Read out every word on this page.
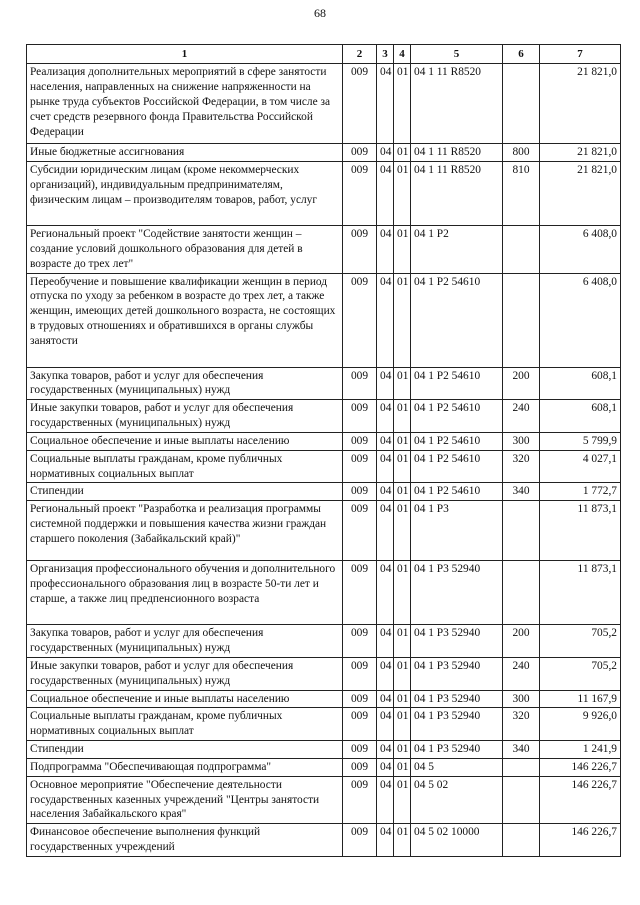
68
1	2	3	4	5	6	7
Реализация дополнительных мероприятий в сфере занятости населения, направленных на снижение напряженности на рынке труда субъектов Российской Федерации, в том числе за счет средств резервного фонда Правительства Российской Федерации	009	04	01	04 1 11 R8520		21 821,0
Иные бюджетные ассигнования	009	04	01	04 1 11 R8520	800	21 821,0
Субсидии юридическим лицам (кроме некоммерческих организаций), индивидуальным предпринимателям, физическим лицам – производителям товаров, работ, услуг	009	04	01	04 1 11 R8520	810	21 821,0
Региональный проект "Содействие занятости женщин – создание условий дошкольного образования для детей в возрасте до трех лет"	009	04	01	04 1 P2		6 408,0
Переобучение и повышение квалификации женщин в период отпуска по уходу за ребенком в возрасте до трех лет, а также женщин, имеющих детей дошкольного возраста, не состоящих в трудовых отношениях и обратившихся в органы службы занятости	009	04	01	04 1 P2 54610		6 408,0
Закупка товаров, работ и услуг для обеспечения государственных (муниципальных) нужд	009	04	01	04 1 P2 54610	200	608,1
Иные закупки товаров, работ и услуг для обеспечения государственных (муниципальных) нужд	009	04	01	04 1 P2 54610	240	608,1
Социальное обеспечение и иные выплаты населению	009	04	01	04 1 P2 54610	300	5 799,9
Социальные выплаты гражданам, кроме публичных нормативных социальных выплат	009	04	01	04 1 P2 54610	320	4 027,1
Стипендии	009	04	01	04 1 P2 54610	340	1 772,7
Региональный проект "Разработка и реализация программы системной поддержки и повышения качества жизни граждан старшего поколения (Забайкальский край)"	009	04	01	04 1 P3		11 873,1
Организация профессионального обучения и дополнительного профессионального образования лиц в возрасте 50-ти лет и старше, а также лиц предпенсионного возраста	009	04	01	04 1 P3 52940		11 873,1
Закупка товаров, работ и услуг для обеспечения государственных (муниципальных) нужд	009	04	01	04 1 P3 52940	200	705,2
Иные закупки товаров, работ и услуг для обеспечения государственных (муниципальных) нужд	009	04	01	04 1 P3 52940	240	705,2
Социальное обеспечение и иные выплаты населению	009	04	01	04 1 P3 52940	300	11 167,9
Социальные выплаты гражданам, кроме публичных нормативных социальных выплат	009	04	01	04 1 P3 52940	320	9 926,0
Стипендии	009	04	01	04 1 P3 52940	340	1 241,9
Подпрограмма "Обеспечивающая подпрограмма"	009	04	01	04 5		146 226,7
Основное мероприятие "Обеспечение деятельности государственных казенных учреждений "Центры занятости населения Забайкальского края"	009	04	01	04 5 02		146 226,7
Финансовое обеспечение выполнения функций государственных учреждений	009	04	01	04 5 02 10000		146 226,7
